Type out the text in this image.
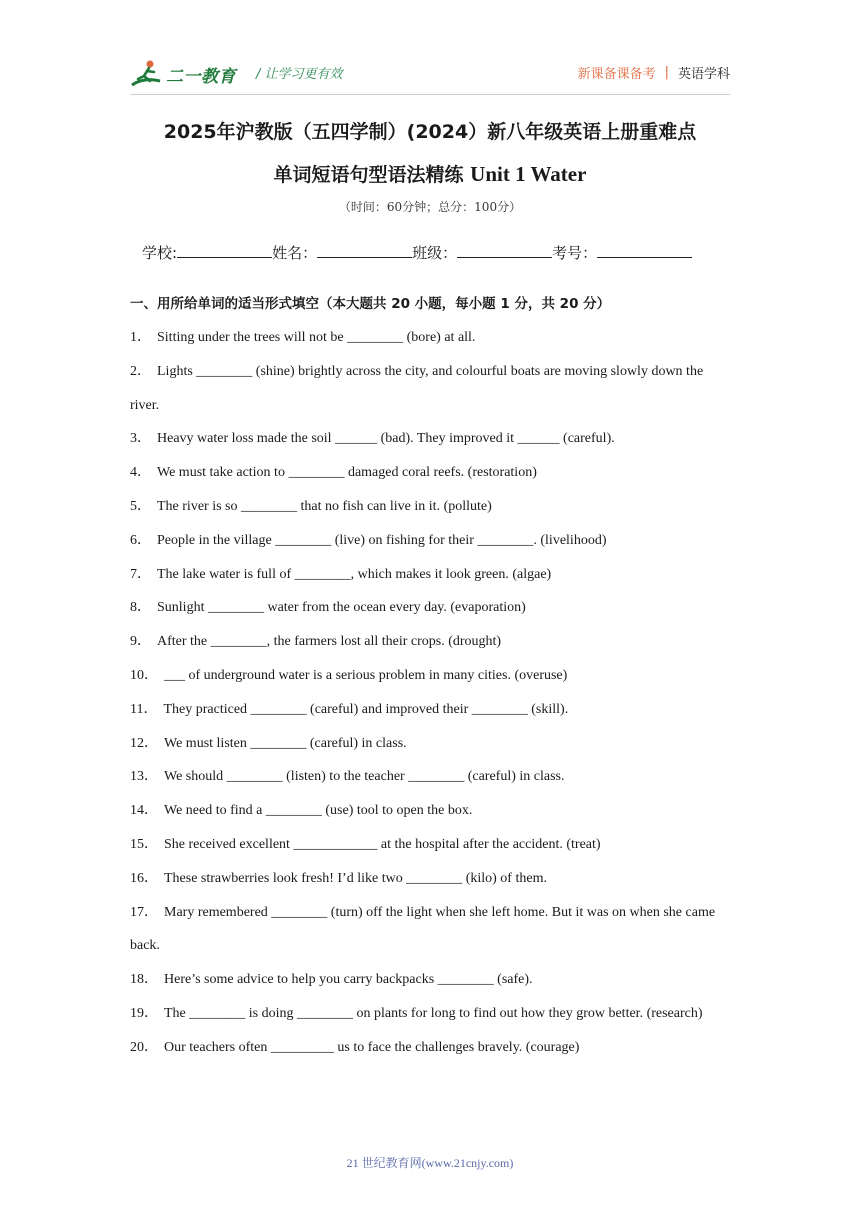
二一教育 / 让学习更有效	新课备课备考 | 英语学科
2025年沪教版（五四学制）(2024）新八年级英语上册重难点
单词短语句型语法精练 Unit 1 Water
（时间：60分钟；总分：100分）
学校:	姓名：	班级：	考号：
一、用所给单词的适当形式填空（本大题共 20 小题，每小题 1 分，共 20 分）

1． Sitting under the trees will not be ________ (bore) at all.

2． Lights ________ (shine) brightly across the city, and colourful boats are moving slowly down the river.

3． Heavy water loss made the soil ______ (bad). They improved it ______ (careful).

4． We must take action to ________ damaged coral reefs. (restoration)

5． The river is so ________ that no fish can live in it. (pollute)

6． People in the village ________ (live) on fishing for their ________. (livelihood)

7． The lake water is full of ________, which makes it look green. (algae)

8． Sunlight ________ water from the ocean every day. (evaporation)

9． After the ________, the farmers lost all their crops. (drought)

10． ___ of underground water is a serious problem in many cities. (overuse)

11． They practiced ________ (careful) and improved their ________ (skill).

12． We must listen ________ (careful) in class.

13． We should ________ (listen) to the teacher ________ (careful) in class.

14． We need to find a ________ (use) tool to open the box.

15． She received excellent ____________ at the hospital after the accident. (treat)

16． These strawberries look fresh! I’d like two ________ (kilo) of them.

17． Mary remembered ________ (turn) off the light when she left home. But it was on when she came back.

18． Here’s some advice to help you carry backpacks ________ (safe).

19． The ________ is doing ________ on plants for long to find out how they grow better. (research)

20． Our teachers often _________ us to face the challenges bravely. (courage)

21 世纪教育网(www.21cnjy.com)
